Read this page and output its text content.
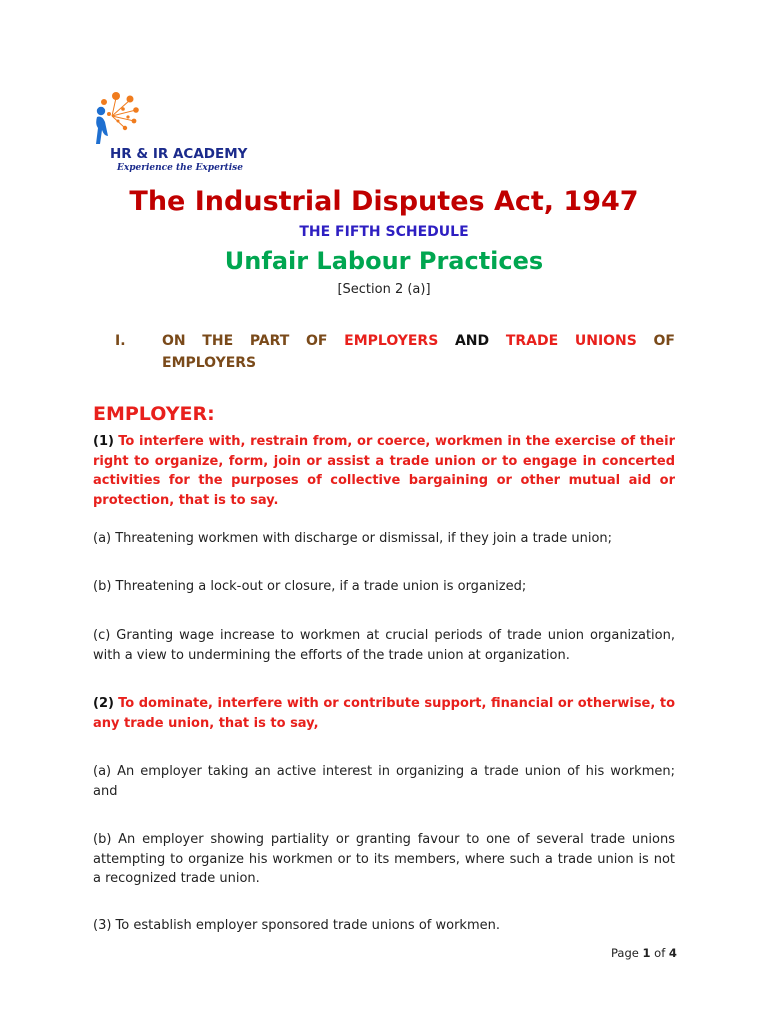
HR & IR ACADEMY
Experience the Expertise
The Industrial Disputes Act, 1947
THE FIFTH SCHEDULE
Unfair Labour Practices
[Section 2 (a)]
I.	ON THE PART OF EMPLOYERS AND TRADE UNIONS OF
EMPLOYERS
EMPLOYER:
(1) To interfere with, restrain from, or coerce, workmen in the exercise of their right to organize, form, join or assist a trade union or to engage in concerted activities for the purposes of collective bargaining or other mutual aid or protection, that is to say.
(a) Threatening workmen with discharge or dismissal, if they join a trade union;
(b) Threatening a lock-out or closure, if a trade union is organized;
(c) Granting wage increase to workmen at crucial periods of trade union organization, with a view to undermining the efforts of the trade union at organization.
(2) To dominate, interfere with or contribute support, financial or otherwise, to any trade union, that is to say,
(a) An employer taking an active interest in organizing a trade union of his workmen; and
(b) An employer showing partiality or granting favour to one of several trade unions attempting to organize his workmen or to its members, where such a trade union is not a recognized trade union.
(3) To establish employer sponsored trade unions of workmen.
Page 1 of 4
